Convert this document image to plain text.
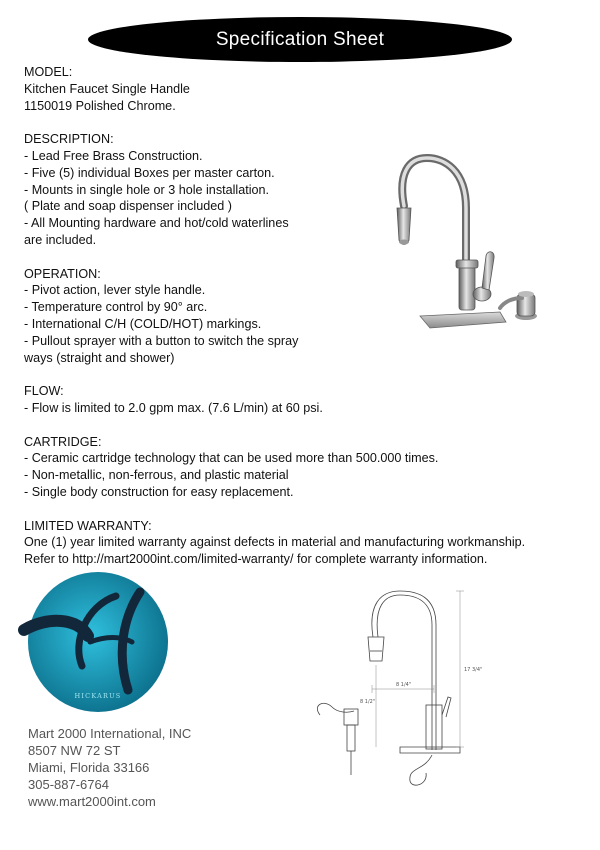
Specification Sheet
MODEL:
Kitchen Faucet Single Handle
1150019 Polished Chrome.
DESCRIPTION:
- Lead Free Brass Construction.
- Five (5) individual Boxes per master carton.
- Mounts in single hole or 3 hole installation.
( Plate and soap dispenser included )
- All Mounting hardware and hot/cold waterlines
are included.
OPERATION:
- Pivot action, lever style handle.
- Temperature control by 90° arc.
- International C/H (COLD/HOT) markings.
- Pullout sprayer with a button to switch the spray
ways (straight and shower)
FLOW:
- Flow is limited to 2.0 gpm max. (7.6 L/min) at 60 psi.
CARTRIDGE:
- Ceramic cartridge technology that can be used more than 500.000 times.
- Non-metallic, non-ferrous, and plastic material
- Single body construction for easy replacement.
LIMITED WARRANTY:
One (1) year limited warranty against defects in material and manufacturing workmanship.
Refer to http://mart2000int.com/limited-warranty/ for complete warranty information.
HICKARUS
Mart 2000 International, INC
8507 NW 72 ST
Miami, Florida 33166
305-887-6764
www.mart2000int.com
17 3/4"
8 1/4"
8 1/2"
